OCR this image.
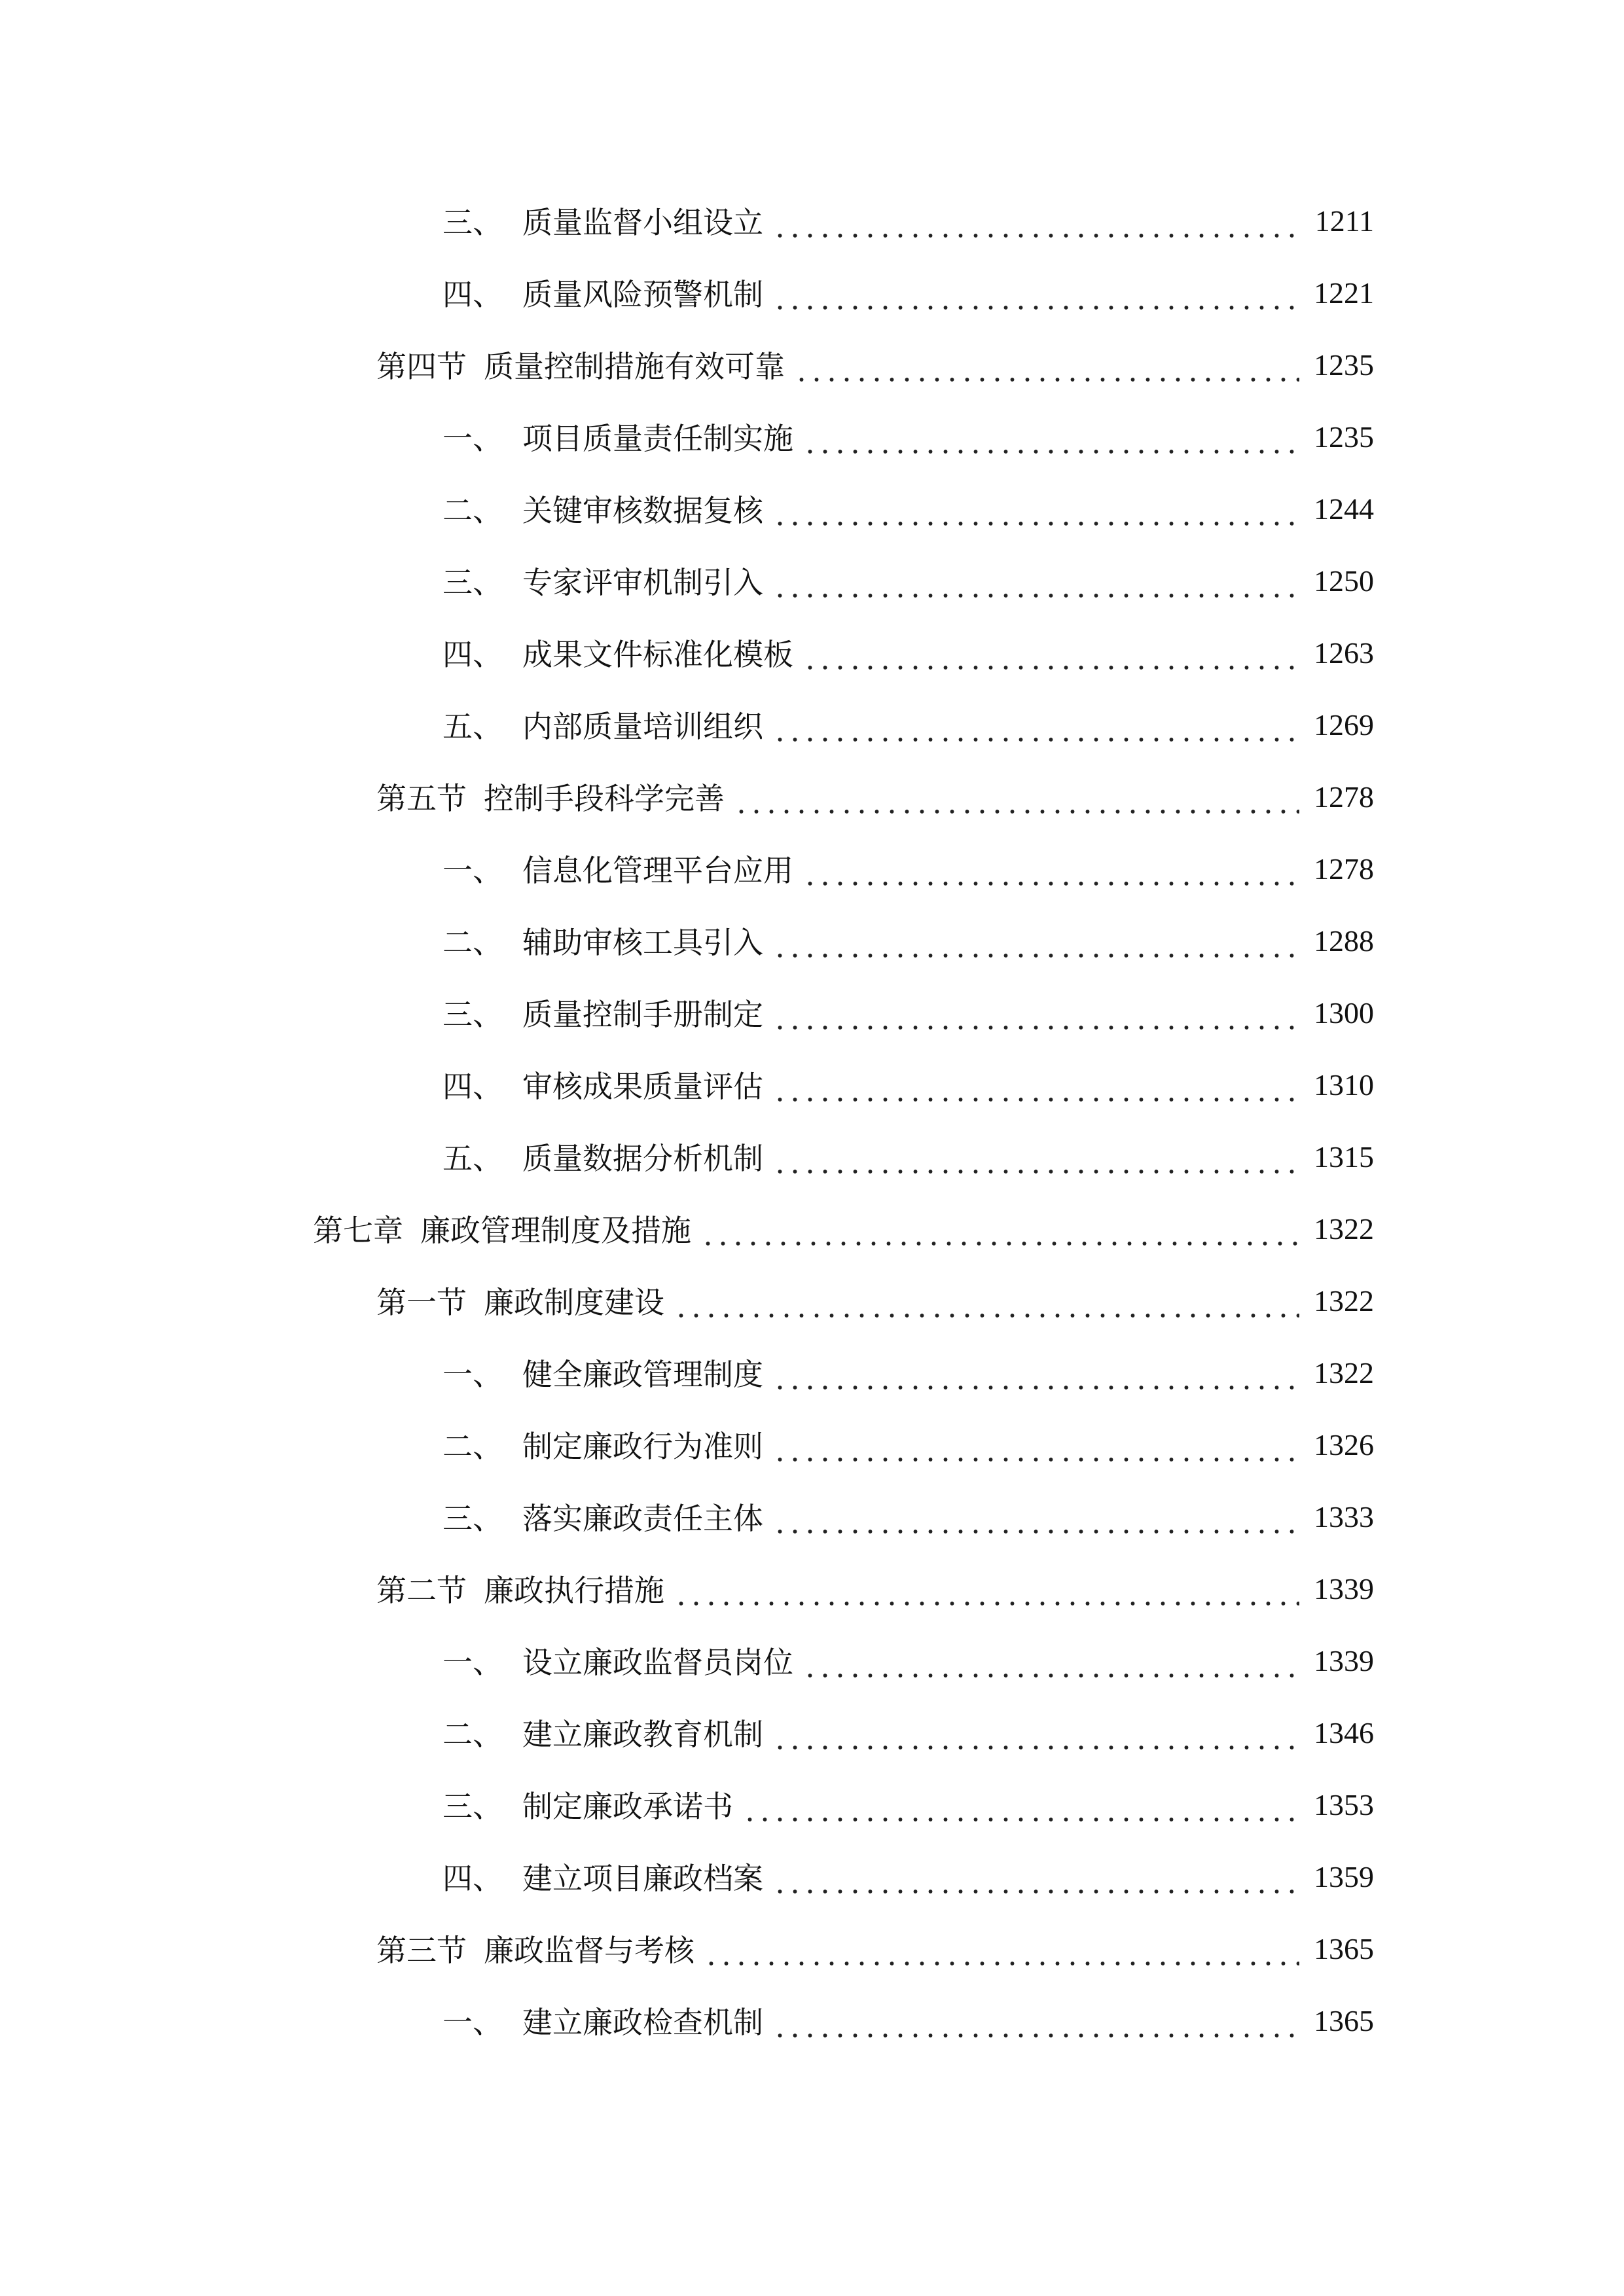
三、 质量监督小组设立	1211
四、 质量风险预警机制	1221
第四节 质量控制措施有效可靠	1235
一、 项目质量责任制实施	1235
二、 关键审核数据复核	1244
三、 专家评审机制引入	1250
四、 成果文件标准化模板	1263
五、 内部质量培训组织	1269
第五节 控制手段科学完善	1278
一、 信息化管理平台应用	1278
二、 辅助审核工具引入	1288
三、 质量控制手册制定	1300
四、 审核成果质量评估	1310
五、 质量数据分析机制	1315
第七章 廉政管理制度及措施	1322
第一节 廉政制度建设	1322
一、 健全廉政管理制度	1322
二、 制定廉政行为准则	1326
三、 落实廉政责任主体	1333
第二节 廉政执行措施	1339
一、 设立廉政监督员岗位	1339
二、 建立廉政教育机制	1346
三、 制定廉政承诺书	1353
四、 建立项目廉政档案	1359
第三节 廉政监督与考核	1365
一、 建立廉政检查机制	1365
